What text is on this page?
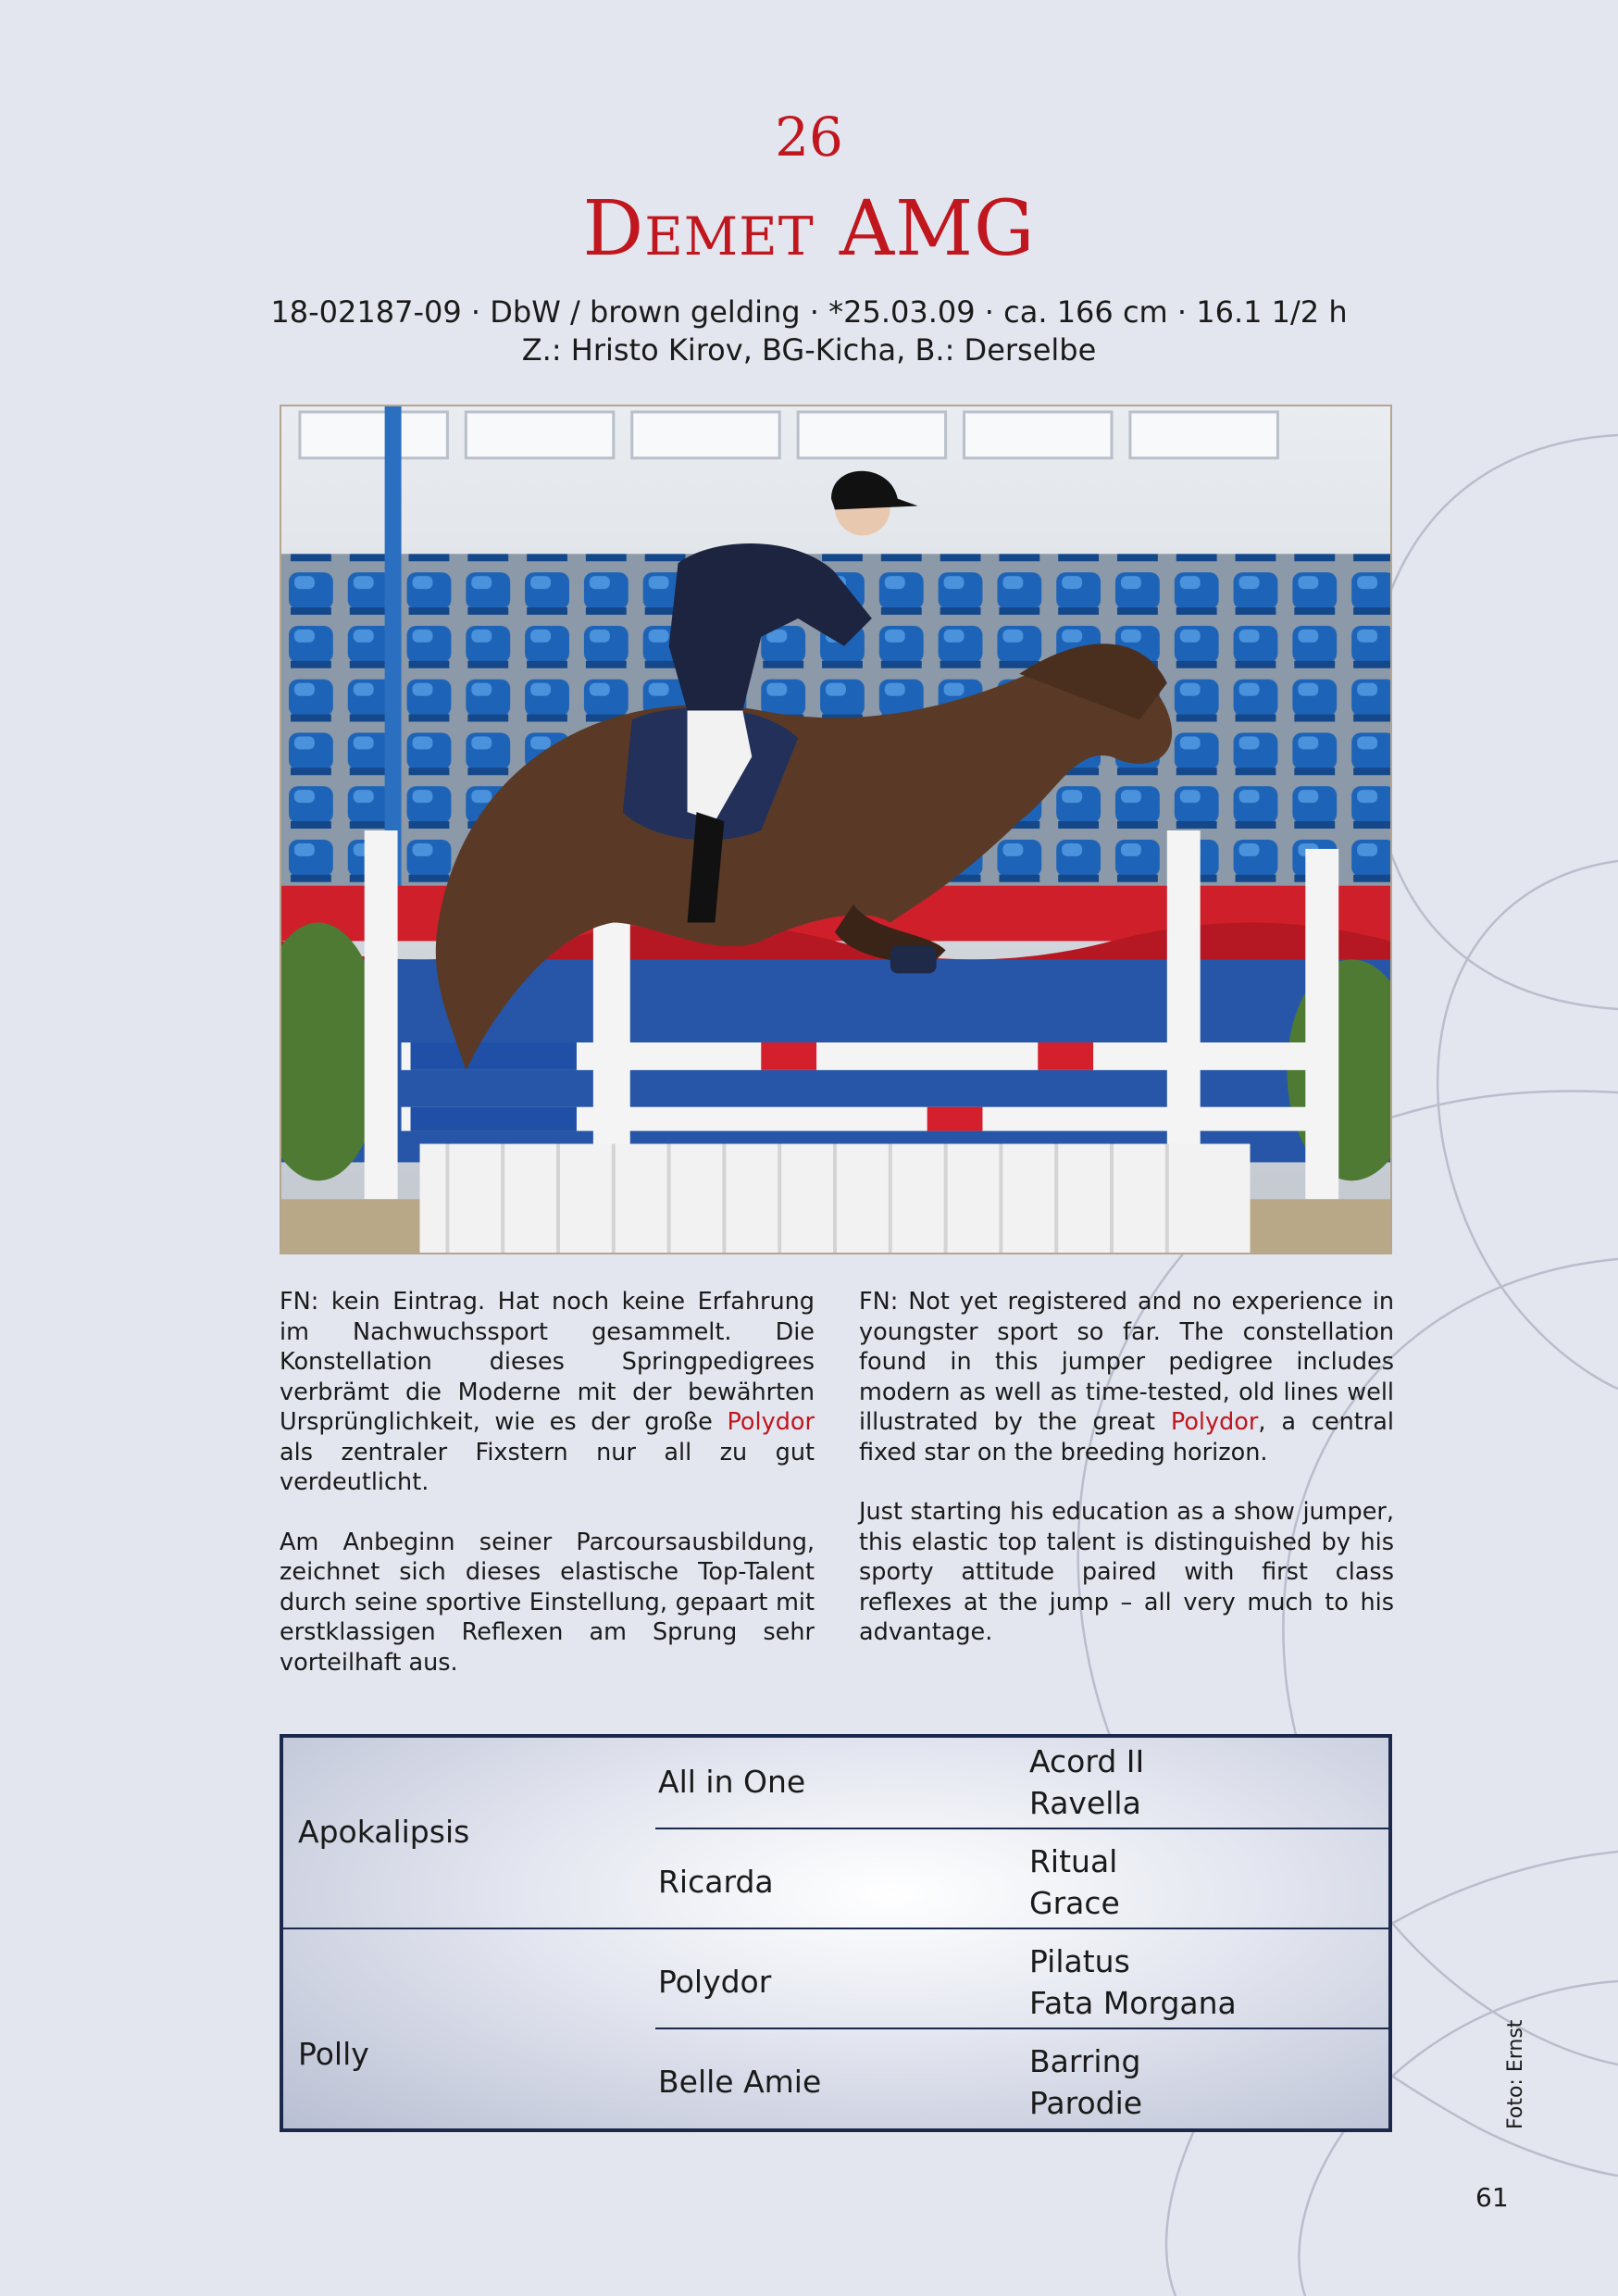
26
Demet AMG
18-02187-09 · DbW / brown gelding · *25.03.09 · ca. 166 cm · 16.1 1/2 h
Z.: Hristo Kirov, BG-Kicha, B.: Derselbe

FN: kein Eintrag. Hat noch keine Erfahrung im Nachwuchssport gesammelt. Die Konstellation dieses Springpedigrees verbrämt die Moderne mit der bewährten Ursprünglichkeit, wie es der große Polydor als zentraler Fixstern nur all zu gut verdeutlicht.

Am Anbeginn seiner Parcoursausbildung, zeichnet sich dieses elastische Top-Talent durch seine sportive Einstellung, gepaart mit erstklassigen Reflexen am Sprung sehr vorteilhaft aus.

FN: Not yet registered and no experience in youngster sport so far. The constellation found in this jumper pedigree includes modern as well as time-tested, old lines well illustrated by the great Polydor, a central fixed star on the breeding horizon.

Just starting his education as a show jumper, this elastic top talent is distinguished by his sporty attitude paired with first class reflexes at the jump – all very much to his advantage.

Apokalipsis
Polly
All in One
Ricarda
Polydor
Belle Amie
Acord II
Ravella
Ritual
Grace
Pilatus
Fata Morgana
Barring
Parodie	Foto: Ernst
61
